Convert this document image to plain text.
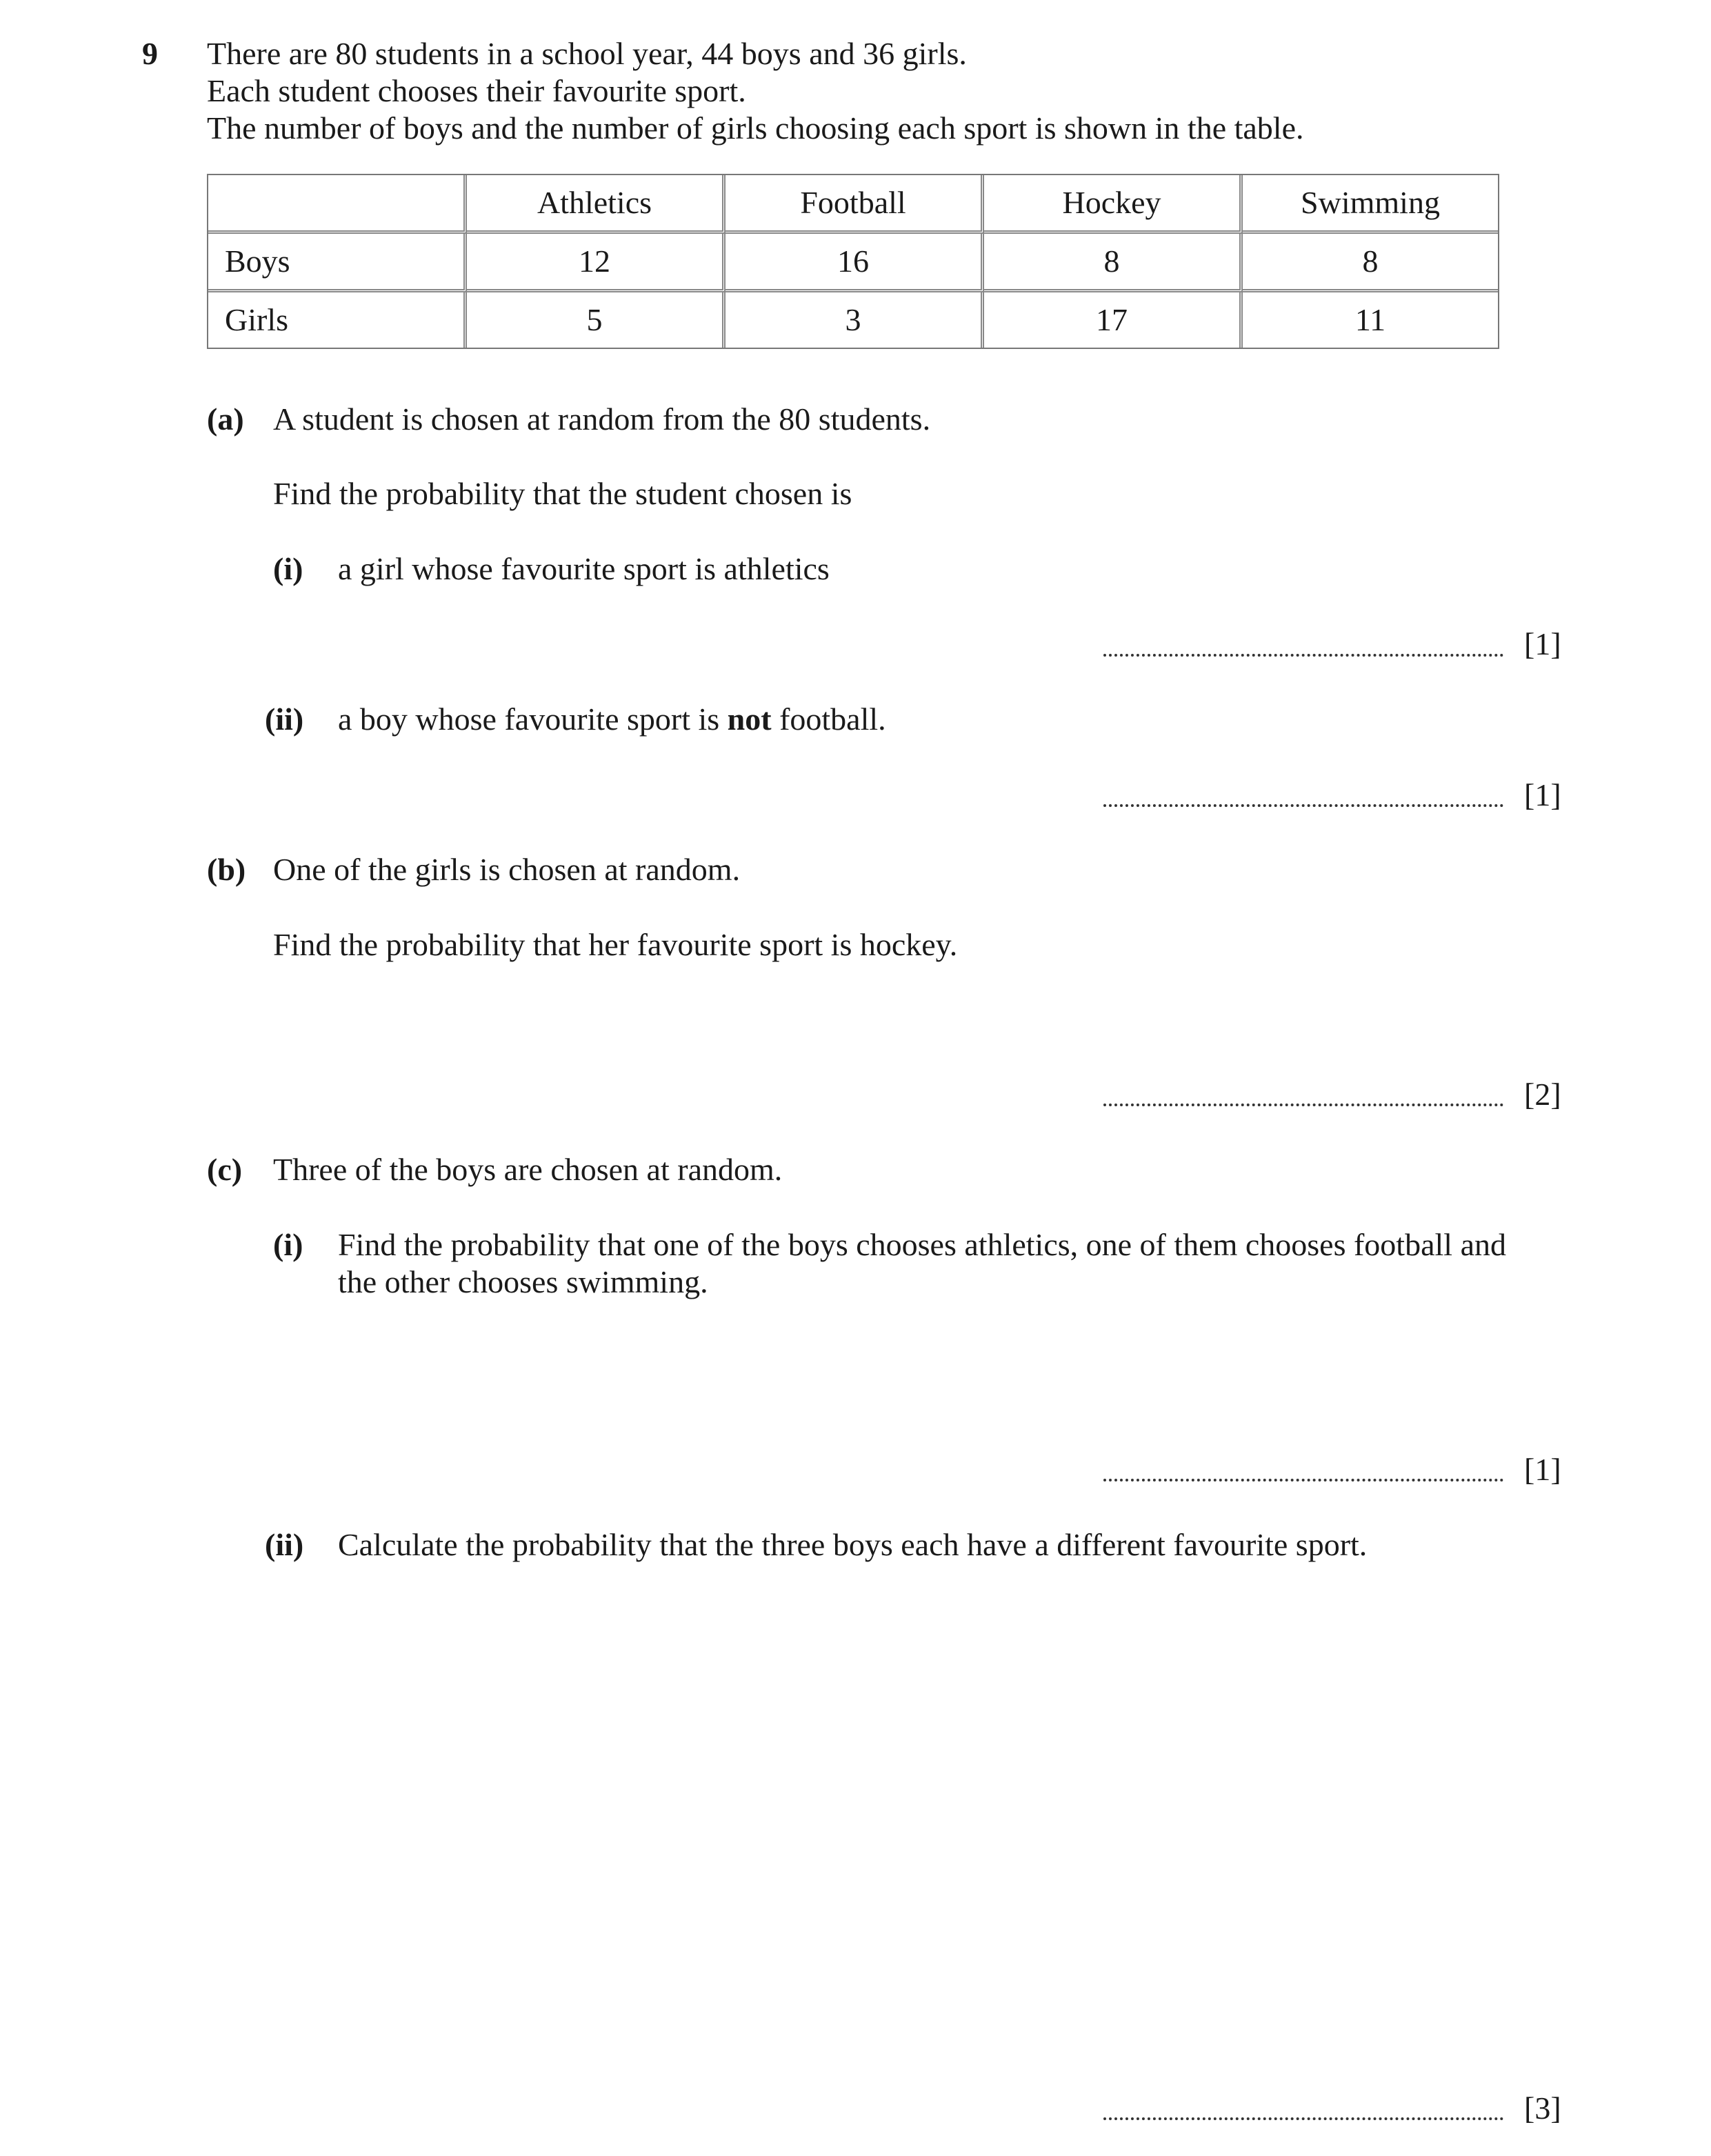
9 There are 80 students in a school year, 44 boys and 36 girls.
Each student chooses their favourite sport.
The number of boys and the number of girls choosing each sport is shown in the table.
	Athletics	Football	Hockey	Swimming
Boys	12	16	8	8
Girls	5	3	17	11
(a) A student is chosen at random from the 80 students.
Find the probability that the student chosen is
(i) a girl whose favourite sport is athletics
[1]
(ii) a boy whose favourite sport is not football.
[1]
(b) One of the girls is chosen at random.
Find the probability that her favourite sport is hockey.
[2]
(c) Three of the boys are chosen at random.
(i) Find the probability that one of the boys chooses athletics, one of them chooses football and
the other chooses swimming.
[1]
(ii) Calculate the probability that the three boys each have a different favourite sport.
[3]
